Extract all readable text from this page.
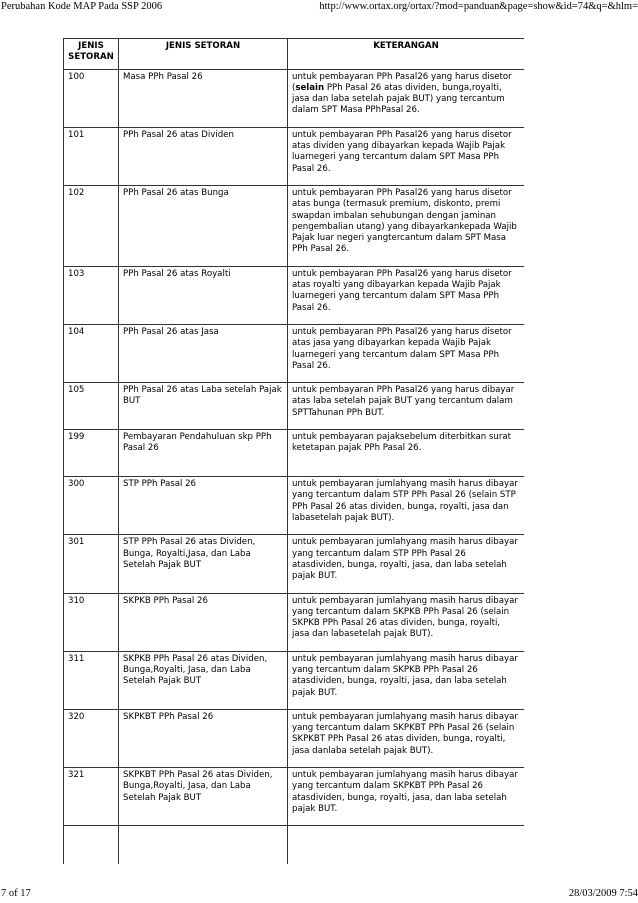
Perubahan Kode MAP Pada SSP 2006	http://www.ortax.org/ortax/?mod=panduan&page=show&id=74&q=&hlm=
JENIS SETORAN	JENIS SETORAN	KETERANGAN
100	Masa PPh Pasal 26	untuk pembayaran PPh Pasal26 yang harus disetor (selain PPh Pasal 26 atas dividen, bunga,royalti, jasa dan laba setelah pajak BUT) yang tercantum dalam SPT Masa PPhPasal 26.
101	PPh Pasal 26 atas Dividen	untuk pembayaran PPh Pasal26 yang harus disetor atas dividen yang dibayarkan kepada Wajib Pajak luarnegeri yang tercantum dalam SPT Masa PPh Pasal 26.
102	PPh Pasal 26 atas Bunga	untuk pembayaran PPh Pasal26 yang harus disetor atas bunga (termasuk premium, diskonto, premi swapdan imbalan sehubungan dengan jaminan pengembalian utang) yang dibayarkankepada Wajib Pajak luar negeri yangtercantum dalam SPT Masa PPh Pasal 26.
103	PPh Pasal 26 atas Royalti	untuk pembayaran PPh Pasal26 yang harus disetor atas royalti yang dibayarkan kepada Wajib Pajak luarnegeri yang tercantum dalam SPT Masa PPh Pasal 26.
104	PPh Pasal 26 atas Jasa	untuk pembayaran PPh Pasal26 yang harus disetor atas jasa yang dibayarkan kepada Wajib Pajak luarnegeri yang tercantum dalam SPT Masa PPh Pasal 26.
105	PPh Pasal 26 atas Laba setelah Pajak BUT	untuk pembayaran PPh Pasal26 yang harus dibayar atas laba setelah pajak BUT yang tercantum dalam SPTTahunan PPh BUT.
199	Pembayaran Pendahuluan skp PPh Pasal 26	untuk pembayaran pajaksebelum diterbitkan surat ketetapan pajak PPh Pasal 26.
300	STP PPh Pasal 26	untuk pembayaran jumlahyang masih harus dibayar yang tercantum dalam STP PPh Pasal 26 (selain STP PPh Pasal 26 atas dividen, bunga, royalti, jasa dan labasetelah pajak BUT).
301	STP PPh Pasal 26 atas Dividen, Bunga, Royalti,Jasa, dan Laba Setelah Pajak BUT	untuk pembayaran jumlahyang masih harus dibayar yang tercantum dalam STP PPh Pasal 26 atasdividen, bunga, royalti, jasa, dan laba setelah pajak BUT.
310	SKPKB PPh Pasal 26	untuk pembayaran jumlahyang masih harus dibayar yang tercantum dalam SKPKB PPh Pasal 26 (selain SKPKB PPh Pasal 26 atas dividen, bunga, royalti, jasa dan labasetelah pajak BUT).
311	SKPKB PPh Pasal 26 atas Dividen, Bunga,Royalti, Jasa, dan Laba Setelah Pajak BUT	untuk pembayaran jumlahyang masih harus dibayar yang tercantum dalam SKPKB PPh Pasal 26 atasdividen, bunga, royalti, jasa, dan laba setelah pajak BUT.
320	SKPKBT PPh Pasal 26	untuk pembayaran jumlahyang masih harus dibayar yang tercantum dalam SKPKBT PPh Pasal 26 (selain SKPKBT PPh Pasal 26 atas dividen, bunga, royalti, jasa danlaba setelah pajak BUT).
321	SKPKBT PPh Pasal 26 atas Dividen, Bunga,Royalti, Jasa, dan Laba Setelah Pajak BUT	untuk pembayaran jumlahyang masih harus dibayar yang tercantum dalam SKPKBT PPh Pasal 26 atasdividen, bunga, royalti, jasa, dan laba setelah pajak BUT.

7 of 17	28/03/2009 7:54
